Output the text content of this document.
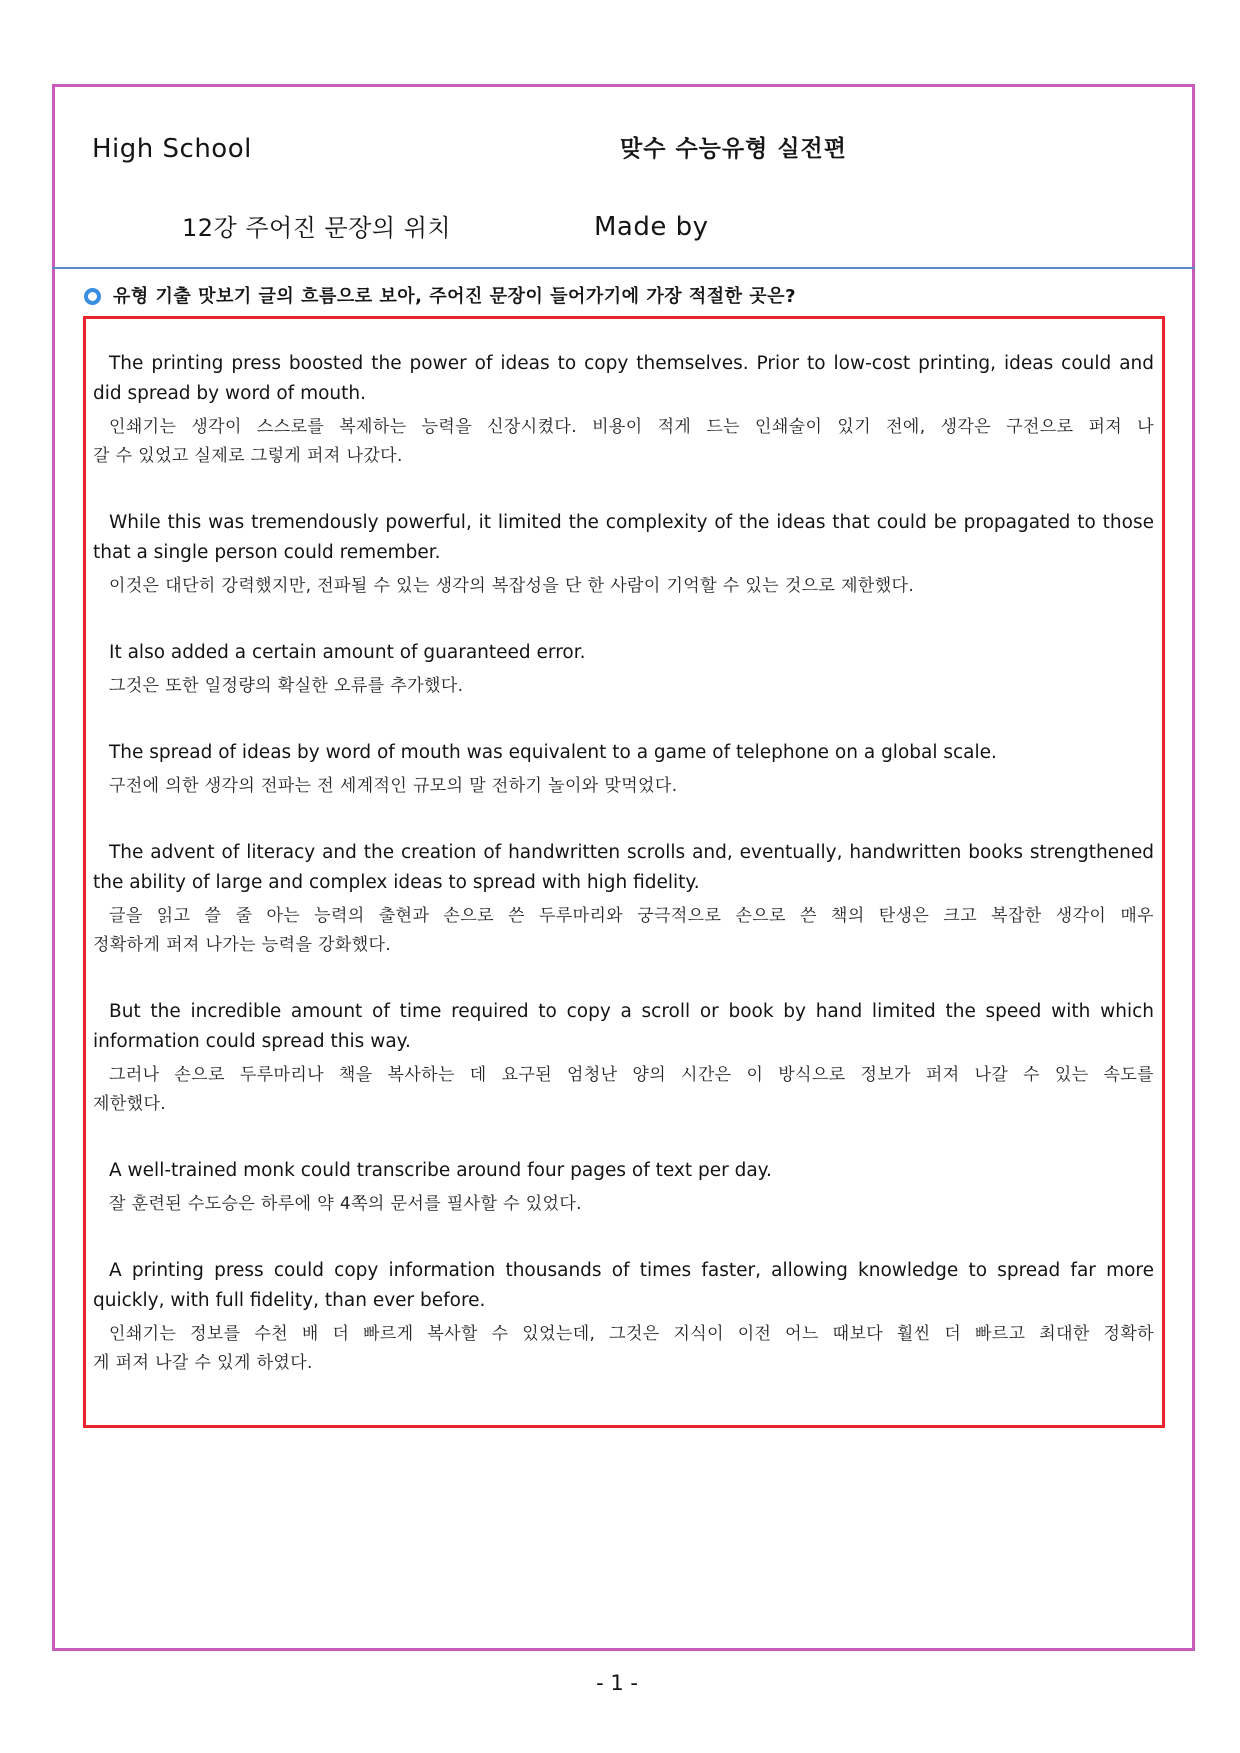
High School	맞수 수능유형 실전편
12강 주어진 문장의 위치	Made by
유형 기출 맛보기 글의 흐름으로 보아, 주어진 문장이 들어가기에 가장 적절한 곳은?
The printing press boosted the power of ideas to copy themselves. Prior to low-cost printing, ideas could and
did spread by word of mouth.
인쇄기는 생각이 스스로를 복제하는 능력을 신장시켰다. 비용이 적게 드는 인쇄술이 있기 전에, 생각은 구전으로 퍼져 나
갈 수 있었고 실제로 그렇게 퍼져 나갔다.
While this was tremendously powerful, it limited the complexity of the ideas that could be propagated to those
that a single person could remember.
이것은 대단히 강력했지만, 전파될 수 있는 생각의 복잡성을 단 한 사람이 기억할 수 있는 것으로 제한했다.
It also added a certain amount of guaranteed error.
그것은 또한 일정량의 확실한 오류를 추가했다.
The spread of ideas by word of mouth was equivalent to a game of telephone on a global scale.
구전에 의한 생각의 전파는 전 세계적인 규모의 말 전하기 놀이와 맞먹었다.
The advent of literacy and the creation of handwritten scrolls and, eventually, handwritten books strengthened
the ability of large and complex ideas to spread with high fidelity.
글을 읽고 쓸 줄 아는 능력의 출현과 손으로 쓴 두루마리와 궁극적으로 손으로 쓴 책의 탄생은 크고 복잡한 생각이 매우
정확하게 퍼져 나가는 능력을 강화했다.
But the incredible amount of time required to copy a scroll or book by hand limited the speed with which
information could spread this way.
그러나 손으로 두루마리나 책을 복사하는 데 요구된 엄청난 양의 시간은 이 방식으로 정보가 퍼져 나갈 수 있는 속도를
제한했다.
A well-trained monk could transcribe around four pages of text per day.
잘 훈련된 수도승은 하루에 약 4쪽의 문서를 필사할 수 있었다.
A printing press could copy information thousands of times faster, allowing knowledge to spread far more
quickly, with full fidelity, than ever before.
인쇄기는 정보를 수천 배 더 빠르게 복사할 수 있었는데, 그것은 지식이 이전 어느 때보다 훨씬 더 빠르고 최대한 정확하
게 퍼져 나갈 수 있게 하였다.
- 1 -
